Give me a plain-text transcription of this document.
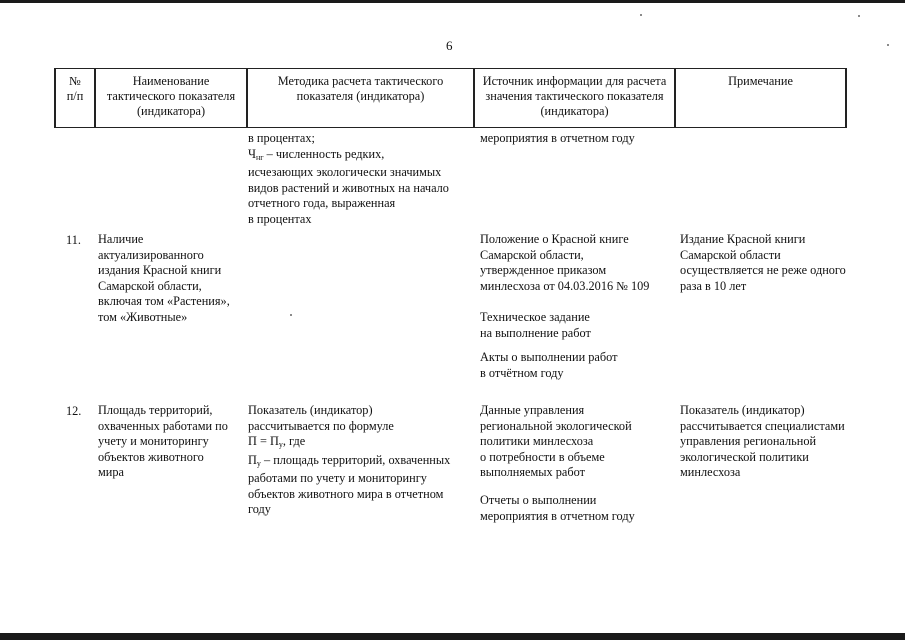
6
№
п/п
Наименование
тактического показателя
(индикатора)
Методика расчета тактического
показателя (индикатора)
Источник информации для расчета
значения тактического показателя
(индикатора)
Примечание
в процентах;
$Ч_{нг}$ – численность редких,
исчезающих экологически значимых
видов растений и животных на начало
отчетного года, выраженная
в процентах
мероприятия в отчетном году
11. Наличие
актуализированного
издания Красной книги
Самарской области,
включая том «Растения»,
том «Животные»
Положение о Красной книге
Самарской области,
утвержденное приказом
минлесхоза от 04.03.2016 № 109
Техническое задание
на выполнение работ
Акты о выполнении работ
в отчётном году
Издание Красной книги
Самарской области
осуществляется не реже одного
раза в 10 лет
12. Площадь территорий,
охваченных работами по
учету и мониторингу
объектов животного
мира
Показатель (индикатор)
рассчитывается по формуле
$П = П_у$, где
$П_у$ – площадь территорий, охваченных
работами по учету и мониторингу
объектов животного мира в отчетном
году
Данные управления
региональной экологической
политики минлесхоза
о потребности в объеме
выполняемых работ
Отчеты о выполнении
мероприятия в отчетном году
Показатель (индикатор)
рассчитывается специалистами
управления региональной
экологической политики
минлесхоза
